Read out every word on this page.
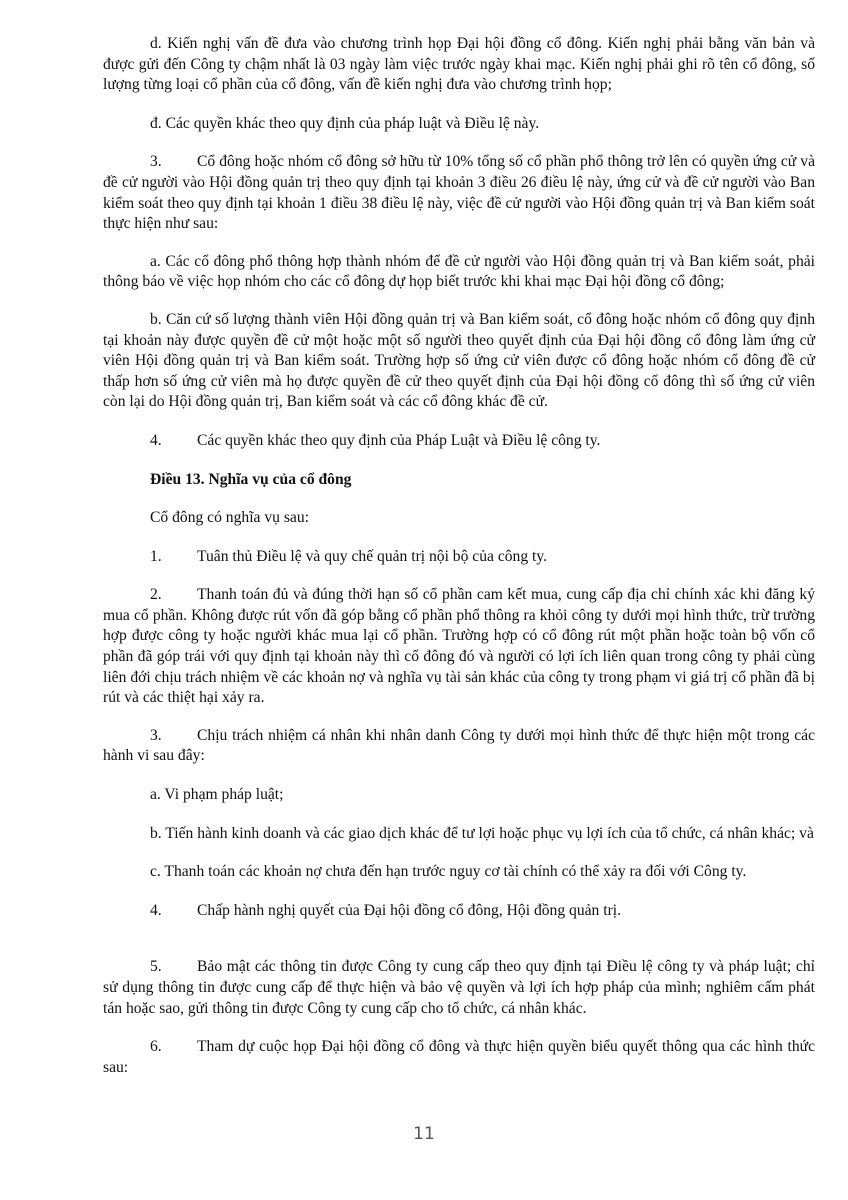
d. Kiến nghị vấn đề đưa vào chương trình họp Đại hội đồng cổ đông. Kiến nghị phải bằng văn bản và được gửi đến Công ty chậm nhất là 03 ngày làm việc trước ngày khai mạc. Kiến nghị phải ghi rõ tên cổ đông, số lượng từng loại cổ phần của cổ đông, vấn đề kiến nghị đưa vào chương trình họp;

đ. Các quyền khác theo quy định của pháp luật và Điều lệ này.

3. Cổ đông hoặc nhóm cổ đông sở hữu từ 10% tổng số cổ phần phổ thông trở lên có quyền ứng cử và đề cử người vào Hội đồng quản trị theo quy định tại khoản 3 điều 26 điều lệ này, ứng cử và đề cử người vào Ban kiểm soát theo quy định tại khoản 1 điều 38 điều lệ này, việc đề cử người vào Hội đồng quản trị và Ban kiểm soát thực hiện như sau:

a. Các cổ đông phổ thông hợp thành nhóm để đề cử người vào Hội đồng quản trị và Ban kiểm soát, phải thông báo về việc họp nhóm cho các cổ đông dự họp biết trước khi khai mạc Đại hội đồng cổ đông;

b. Căn cứ số lượng thành viên Hội đồng quản trị và Ban kiểm soát, cổ đông hoặc nhóm cổ đông quy định tại khoản này được quyền đề cử một hoặc một số người theo quyết định của Đại hội đồng cổ đông làm ứng cử viên Hội đồng quản trị và Ban kiểm soát. Trường hợp số ứng cử viên được cổ đông hoặc nhóm cổ đông đề cử thấp hơn số ứng cử viên mà họ được quyền đề cử theo quyết định của Đại hội đồng cổ đông thì số ứng cử viên còn lại do Hội đồng quản trị, Ban kiểm soát và các cổ đông khác đề cử.

4. Các quyền khác theo quy định của Pháp Luật và Điều lệ công ty.

Điều 13. Nghĩa vụ của cổ đông

Cổ đông có nghĩa vụ sau:

1. Tuân thủ Điều lệ và quy chế quản trị nội bộ của công ty.

2. Thanh toán đủ và đúng thời hạn số cổ phần cam kết mua, cung cấp địa chỉ chính xác khi đăng ký mua cổ phần. Không được rút vốn đã góp bằng cổ phần phổ thông ra khỏi công ty dưới mọi hình thức, trừ trường hợp được công ty hoặc người khác mua lại cổ phần. Trường hợp có cổ đông rút một phần hoặc toàn bộ vốn cổ phần đã góp trái với quy định tại khoản này thì cổ đông đó và người có lợi ích liên quan trong công ty phải cùng liên đới chịu trách nhiệm về các khoản nợ và nghĩa vụ tài sản khác của công ty trong phạm vi giá trị cổ phần đã bị rút và các thiệt hại xảy ra.

3. Chịu trách nhiệm cá nhân khi nhân danh Công ty dưới mọi hình thức để thực hiện một trong các hành vi sau đây:

a. Vi phạm pháp luật;

b. Tiến hành kinh doanh và các giao dịch khác để tư lợi hoặc phục vụ lợi ích của tổ chức, cá nhân khác; và

c. Thanh toán các khoản nợ chưa đến hạn trước nguy cơ tài chính có thể xảy ra đối với Công ty.

4. Chấp hành nghị quyết của Đại hội đồng cổ đông, Hội đồng quản trị.

5. Bảo mật các thông tin được Công ty cung cấp theo quy định tại Điều lệ công ty và pháp luật; chỉ sử dụng thông tin được cung cấp để thực hiện và bảo vệ quyền và lợi ích hợp pháp của mình; nghiêm cấm phát tán hoặc sao, gửi thông tin được Công ty cung cấp cho tổ chức, cá nhân khác.

6. Tham dự cuộc họp Đại hội đồng cổ đông và thực hiện quyền biểu quyết thông qua các hình thức sau:

11
